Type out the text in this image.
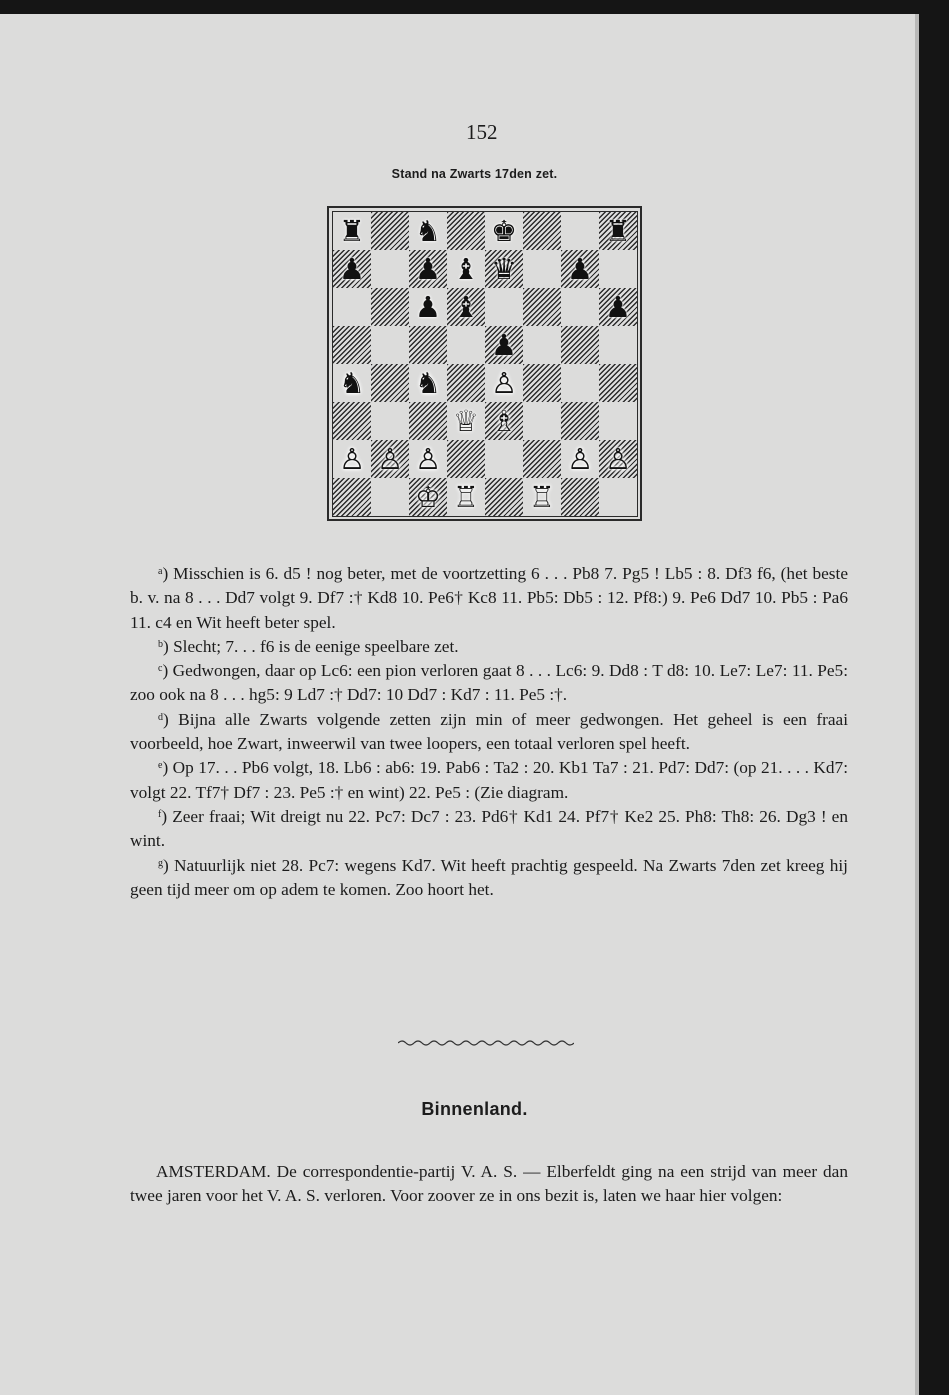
152
Stand na Zwarts 17den zet.
♜ ♞ ♚	♜
♟ ♟ ♝ ♛ ♟
♟ ♝	♟
♟
♞ ♞ ♙
♕ ♗
♙ ♙ ♙	♙ ♙
♔ ♖ ♖

$^a$) Misschien is 6. d5 ! nog beter, met de voortzetting 6 . . . Pb8 7. Pg5 ! Lb5 : 8. Df3 f6, (het beste b. v. na 8 . . . Dd7 volgt 9. Df7 :† Kd8 10. Pe6† Kc8 11. Pb5: Db5 : 12. Pf8:) 9. Pe6 Dd7 10. Pb5 : Pa6 11. c4 en Wit heeft beter spel.

$^b$) Slecht; 7. . . f6 is de eenige speelbare zet.

$^c$) Gedwongen, daar op Lc6: een pion verloren gaat 8 . . . Lc6: 9. Dd8 : T d8: 10. Le7: Le7: 11. Pe5: zoo ook na 8 . . . hg5: 9 Ld7 :† Dd7: 10 Dd7 : Kd7 : 11. Pe5 :†.

$^d$) Bijna alle Zwarts volgende zetten zijn min of meer gedwongen. Het geheel is een fraai voorbeeld, hoe Zwart, inweerwil van twee loopers, een totaal verloren spel heeft.

$^e$) Op 17. . . Pb6 volgt, 18. Lb6 : ab6: 19. Pab6 : Ta2 : 20. Kb1 Ta7 : 21. Pd7: Dd7: (op 21. . . . Kd7: volgt 22. Tf7† Df7 : 23. Pe5 :† en wint) 22. Pe5 : (Zie diagram.

$^f$) Zeer fraai; Wit dreigt nu 22. Pc7: Dc7 : 23. Pd6† Kd1 24. Pf7† Ke2 25. Ph8: Th8: 26. Dg3 ! en wint.

$^g$) Natuurlijk niet 28. Pc7: wegens Kd7. Wit heeft prachtig gespeeld. Na Zwarts 7den zet kreeg hij geen tijd meer om op adem te komen. Zoo hoort het.

Binnenland.

AMSTERDAM. De correspondentie-partij V. A. S. — Elberfeldt ging na een strijd van meer dan twee jaren voor het V. A. S. verloren. Voor zoover ze in ons bezit is, laten we haar hier volgen:
